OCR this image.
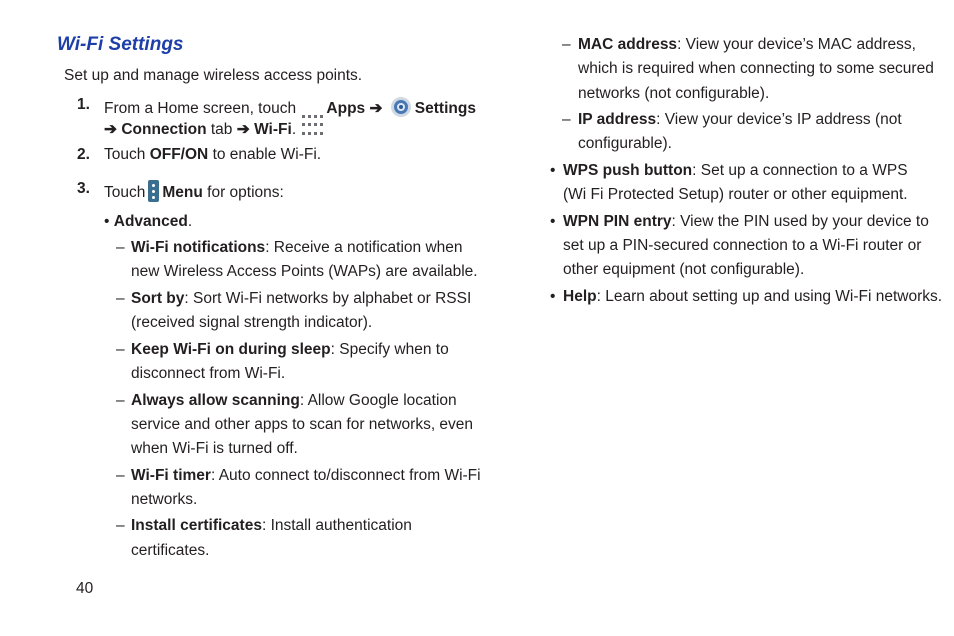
Wi-Fi Settings
Set up and manage wireless access points.
1. From a Home screen, touch Apps ➔ Settings
➔ Connection tab ➔ Wi-Fi.
2. Touch OFF/ON to enable Wi-Fi.
3. Touch Menu for options:
• Advanced.
– Wi-Fi notifications: Receive a notification when
new Wireless Access Points (WAPs) are available.
– Sort by: Sort Wi-Fi networks by alphabet or RSSI
(received signal strength indicator).
– Keep Wi-Fi on during sleep: Specify when to
disconnect from Wi-Fi.
– Always allow scanning: Allow Google location
service and other apps to scan for networks, even
when Wi-Fi is turned off.
– Wi-Fi timer: Auto connect to/disconnect from Wi-Fi
networks.
– Install certificates: Install authentication
certificates.
40
– MAC address: View your device’s MAC address,
which is required when connecting to some secured
networks (not configurable).
– IP address: View your device’s IP address (not
configurable).
• WPS push button: Set up a connection to a WPS
(Wi Fi Protected Setup) router or other equipment.
• WPN PIN entry: View the PIN used by your device to
set up a PIN-secured connection to a Wi-Fi router or
other equipment (not configurable).
• Help: Learn about setting up and using Wi-Fi networks.
